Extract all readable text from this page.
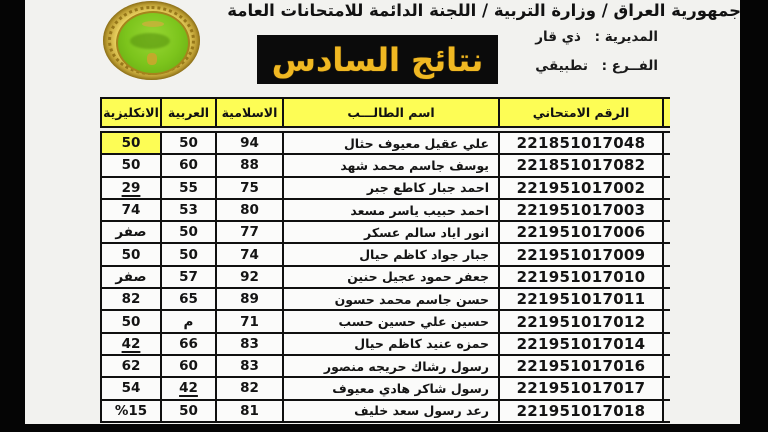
جمهورية العراق / وزارة التربية / اللجنة الدائمة للامتحانات العامة
نتائج السادس
المديرية : ذي قار
الفــرع : تطبيقي
	الرقم الامتحاني	اسم الطالـــب	الاسلامية	العربية	الانكليزية
	221851017048	علي عقيل معيوف حثال	94	50	50
	221851017082	يوسف جاسم محمد شهد	88	60	50
	221951017002	احمد جبار كاطع جبر	75	55	29
	221951017003	احمد حبيب ياسر مسعد	80	53	74
	221951017006	انور اياد سالم عسكر	77	50	صفر
	221951017009	جبار جواد كاظم حيال	74	50	50
	221951017010	جعفر حمود عجيل حنين	92	57	صفر
	221951017011	حسن جاسم محمد حسون	89	65	82
	221951017012	حسين علي حسين حسب	71	م	50
	221951017014	حمزه عنيد كاظم حيال	83	66	42
	221951017016	رسول رشاك حريجه منصور	83	60	62
	221951017017	رسول شاكر هادي معيوف	82	42	54
	221951017018	رعد رسول سعد خليف	81	50	%15
